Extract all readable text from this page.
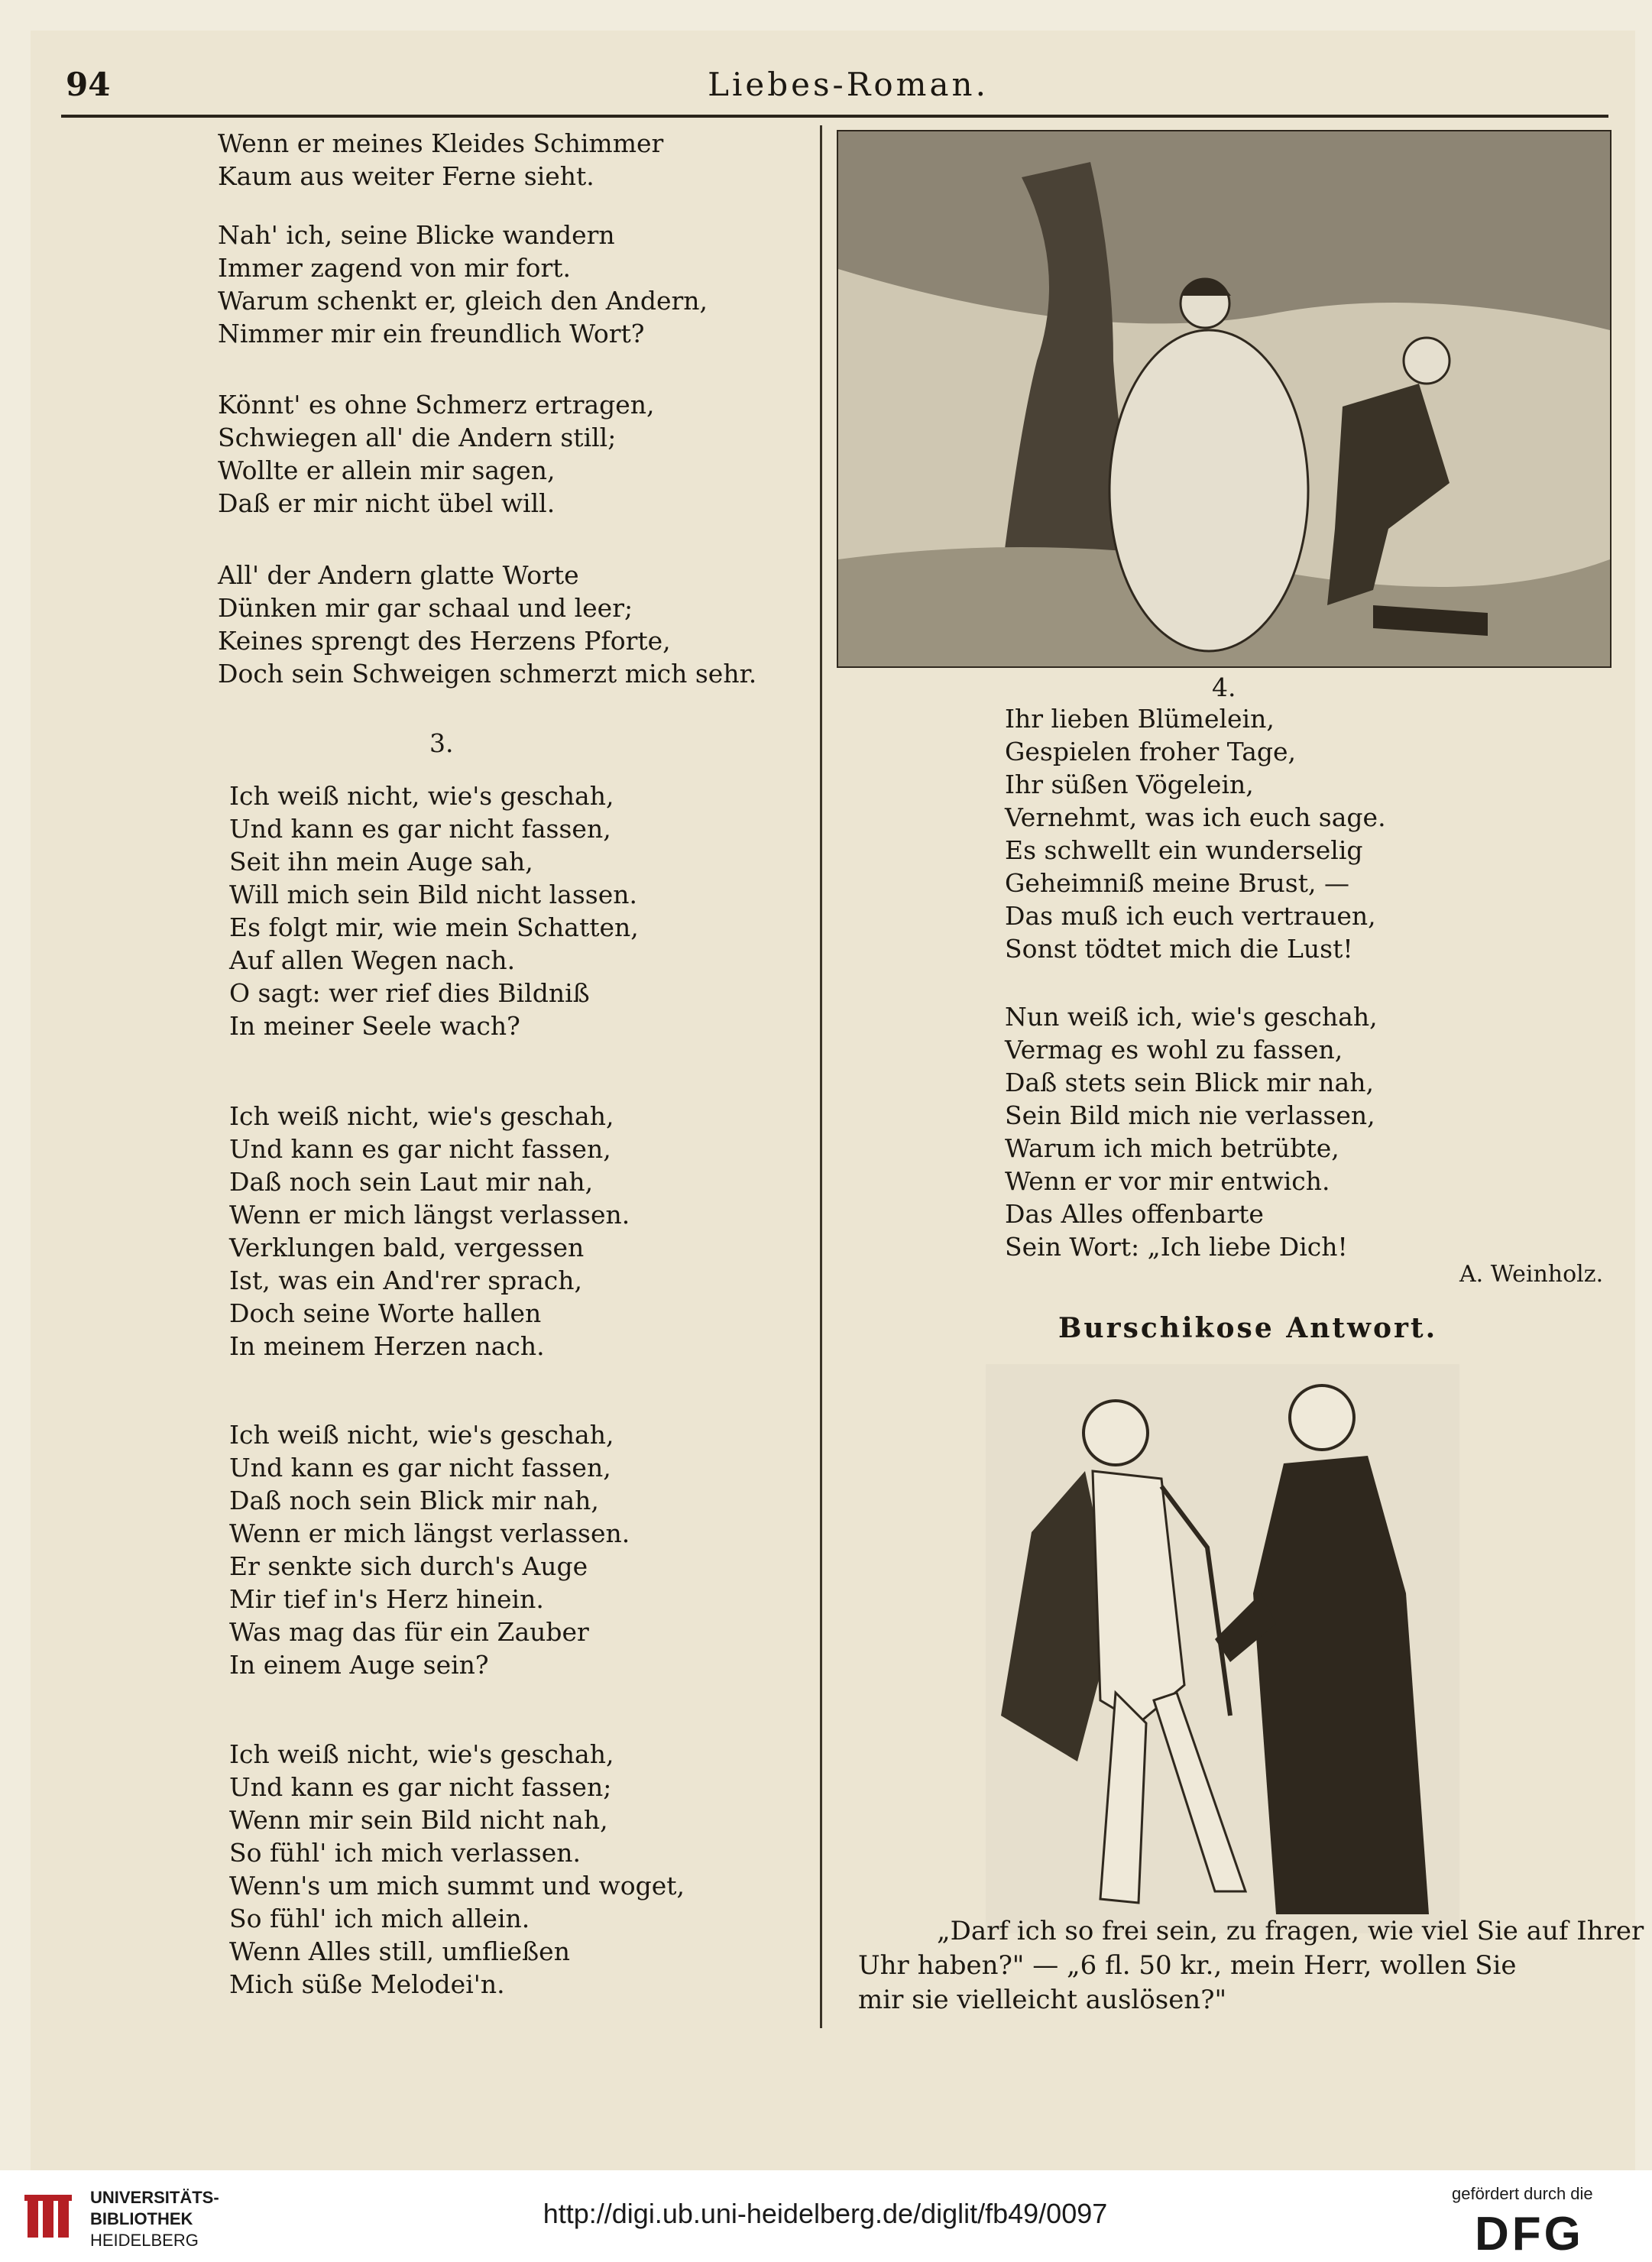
94	Liebes-Roman.
Wenn er meines Kleides Schimmer
Kaum aus weiter Ferne sieht.
Nah' ich, seine Blicke wandern
Immer zagend von mir fort.
Warum schenkt er, gleich den Andern,
Nimmer mir ein freundlich Wort?
Könnt' es ohne Schmerz ertragen,
Schwiegen all' die Andern still;
Wollte er allein mir sagen,
Daß er mir nicht übel will.
All' der Andern glatte Worte
Dünken mir gar schaal und leer;
Keines sprengt des Herzens Pforte,
Doch sein Schweigen schmerzt mich sehr.
3.
Ich weiß nicht, wie's geschah,
Und kann es gar nicht fassen,
Seit ihn mein Auge sah,
Will mich sein Bild nicht lassen.
Es folgt mir, wie mein Schatten,
Auf allen Wegen nach.
O sagt: wer rief dies Bildniß
In meiner Seele wach?
Ich weiß nicht, wie's geschah,
Und kann es gar nicht fassen,
Daß noch sein Laut mir nah,
Wenn er mich längst verlassen.
Verklungen bald, vergessen
Ist, was ein And'rer sprach,
Doch seine Worte hallen
In meinem Herzen nach.
Ich weiß nicht, wie's geschah,
Und kann es gar nicht fassen,
Daß noch sein Blick mir nah,
Wenn er mich längst verlassen.
Er senkte sich durch's Auge
Mir tief in's Herz hinein.
Was mag das für ein Zauber
In einem Auge sein?
Ich weiß nicht, wie's geschah,
Und kann es gar nicht fassen;
Wenn mir sein Bild nicht nah,
So fühl' ich mich verlassen.
Wenn's um mich summt und woget,
So fühl' ich mich allein.
Wenn Alles still, umfließen
Mich süße Melodei'n.
4.
Ihr lieben Blümelein,
Gespielen froher Tage,
Ihr süßen Vögelein,
Vernehmt, was ich euch sage.
Es schwellt ein wunderselig
Geheimniß meine Brust, —
Das muß ich euch vertrauen,
Sonst tödtet mich die Lust!
Nun weiß ich, wie's geschah,
Vermag es wohl zu fassen,
Daß stets sein Blick mir nah,
Sein Bild mich nie verlassen,
Warum ich mich betrübte,
Wenn er vor mir entwich.
Das Alles offenbarte
Sein Wort: „Ich liebe Dich!
A. Weinholz.
Burschikose Antwort.
„Darf ich so frei sein, zu fragen, wie viel Sie auf Ihrer
Uhr haben?" — „6 fl. 50 kr., mein Herr, wollen Sie
mir sie vielleicht auslösen?"
UNIVERSITÄTS-
BIBLIOTHEK
HEIDELBERG
http://digi.ub.uni-heidelberg.de/diglit/fb49/0097
gefördert durch die
DFG
